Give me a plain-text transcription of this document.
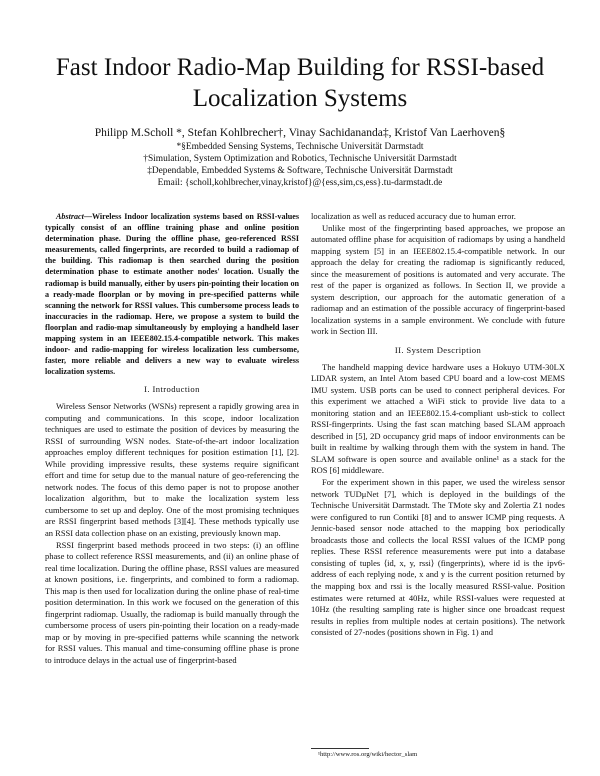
Fast Indoor Radio-Map Building for RSSI-based Localization Systems
Philipp M.Scholl *, Stefan Kohlbrecher†, Vinay Sachidananda‡, Kristof Van Laerhoven§
*§Embedded Sensing Systems, Technische Universität Darmstadt
†Simulation, System Optimization and Robotics, Technische Universität Darmstadt
‡Dependable, Embedded Systems & Software, Technische Universität Darmstadt
Email: {scholl,kohlbrecher,vinay,kristof}@{ess,sim,cs,ess}.tu-darmstadt.de

Abstract—Wireless Indoor localization systems based on RSSI-values typically consist of an offline training phase and online position determination phase. During the offline phase, geo-referenced RSSI measurements, called fingerprints, are recorded to build a radiomap of the building. This radiomap is then searched during the position determination phase to estimate another nodes' location. Usually the radiomap is build manually, either by users pin-pointing their location on a ready-made floorplan or by moving in pre-specified patterns while scanning the network for RSSI values. This cumbersome process leads to inaccuracies in the radiomap. Here, we propose a system to build the floorplan and radio-map simultaneously by employing a handheld laser mapping system in an IEEE802.15.4-compatible network. This makes indoor- and radio-mapping for wireless localization less cumbersome, faster, more reliable and delivers a new way to evaluate wireless localization systems.

I. Introduction

Wireless Sensor Networks (WSNs) represent a rapidly growing area in computing and communications. In this scope, indoor localization techniques are used to estimate the position of devices by measuring the RSSI of surrounding WSN nodes. State-of-the-art indoor localization approaches employ different techniques for position estimation [1], [2]. While providing impressive results, these systems require significant effort and time for setup due to the manual nature of geo-referencing the network nodes. The focus of this demo paper is not to propose another localization algorithm, but to make the localization system less cumbersome to set up and deploy. One of the most promising techniques are RSSI fingerprint based methods [3][4]. These methods typically use an RSSI data collection phase on an existing, previously known map.

RSSI fingerprint based methods proceed in two steps: (i) an offline phase to collect reference RSSI measurements, and (ii) an online phase of real time localization. During the offline phase, RSSI values are measured at known positions, i.e. fingerprints, and combined to form a radiomap. This map is then used for localization during the online phase of real-time position determination. In this work we focused on the generation of this fingerprint radiomap. Usually, the radiomap is build manually through the cumbersome process of users pin-pointing their location on a ready-made map or by moving in pre-specified patterns while scanning the network for RSSI values. This manual and time-consuming offline phase is prone to introduce delays in the actual use of fingerprint-based

localization as well as reduced accuracy due to human error.

Unlike most of the fingerprinting based approaches, we propose an automated offline phase for acquisition of radiomaps by using a handheld mapping system [5] in an IEEE802.15.4-compatible network. In our approach the delay for creating the radiomap is significantly reduced, since the measurement of positions is automated and very accurate. The rest of the paper is organized as follows. In Section II, we provide a system description, our approach for the automatic generation of a radiomap and an estimation of the possible accuracy of fingerprint-based localization systems in a sample environment. We conclude with future work in Section III.

II. System Description

The handheld mapping device hardware uses a Hokuyo UTM-30LX LIDAR system, an Intel Atom based CPU board and a low-cost MEMS IMU system. USB ports can be used to connect peripheral devices. For this experiment we attached a WiFi stick to provide live data to a monitoring station and an IEEE802.15.4-compliant usb-stick to collect RSSI-fingerprints. Using the fast scan matching based SLAM approach described in [5], 2D occupancy grid maps of indoor environments can be built in realtime by walking through them with the system in hand. The SLAM software is open source and available online¹ as a stack for the ROS [6] middleware.

For the experiment shown in this paper, we used the wireless sensor network TUDμNet [7], which is deployed in the buildings of the Technische Universität Darmstadt. The TMote sky and Zolertia Z1 nodes were configured to run Contiki [8] and to answer ICMP ping requests. A Jennic-based sensor node attached to the mapping box periodically broadcasts those and collects the local RSSI values of the ICMP pong replies. These RSSI reference measurements were put into a database consisting of tuples ⟨id, x, y, rssi⟩ (fingerprints), where id is the ipv6-address of each replying node, x and y is the current position returned by the mapping box and rssi is the locally measured RSSI-value. Position estimates were returned at 40Hz, while RSSI-values were requested at 10Hz (the resulting sampling rate is higher since one broadcast request results in replies from multiple nodes at certain positions). The network consisted of 27-nodes (positions shown in Fig. 1) and

¹http://www.ros.org/wiki/hector_slam
